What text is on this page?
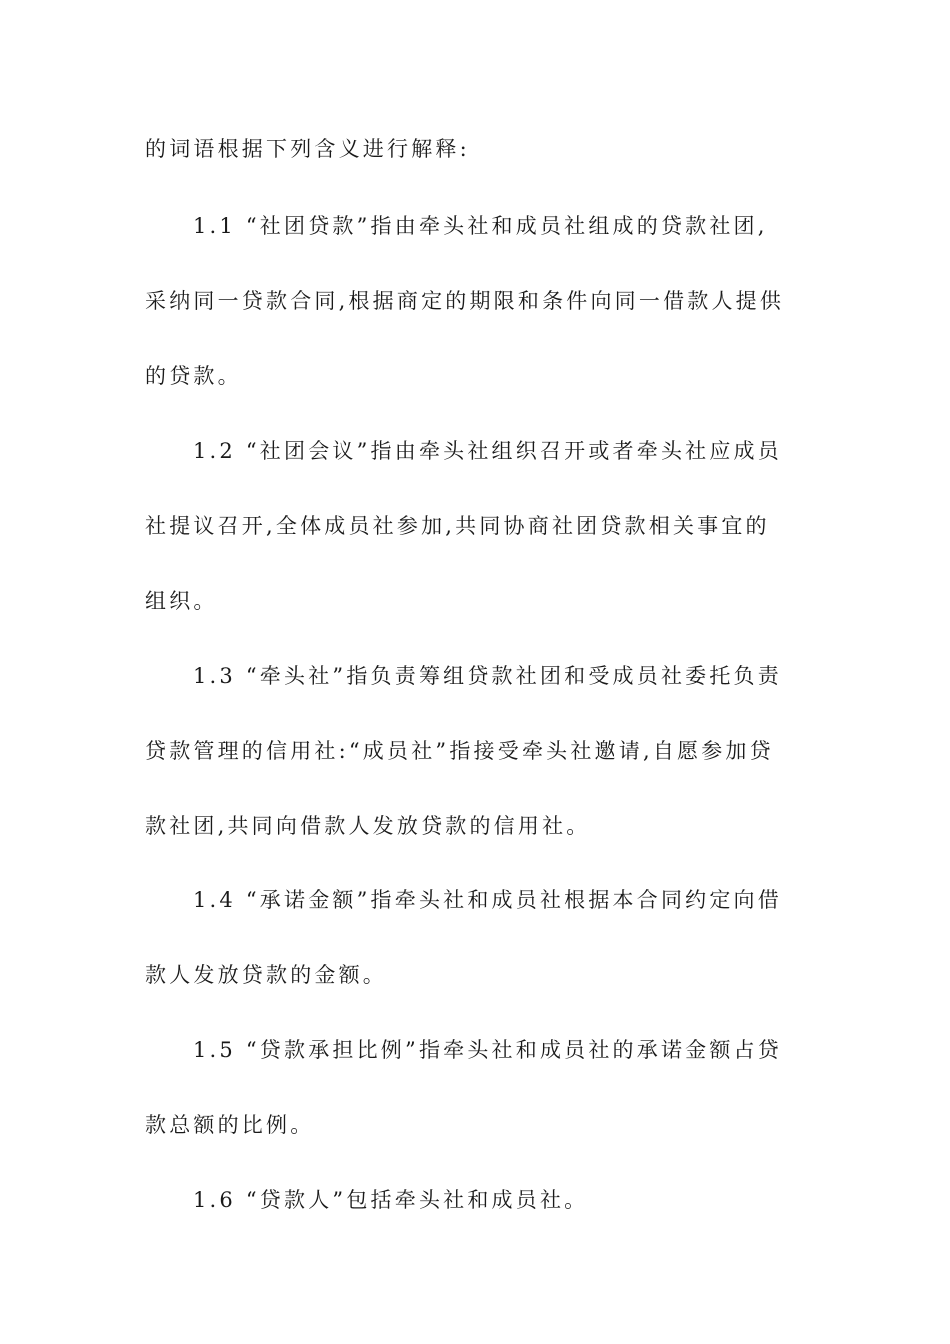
的词语根据下列含义进行解释:

1.1 “社团贷款”指由牵头社和成员社组成的贷款社团,

采纳同一贷款合同,根据商定的期限和条件向同一借款人提供

的贷款。

1.2 “社团会议”指由牵头社组织召开或者牵头社应成员

社提议召开,全体成员社参加,共同协商社团贷款相关事宜的

组织。

1.3 “牵头社”指负责筹组贷款社团和受成员社委托负责

贷款管理的信用社:“成员社”指接受牵头社邀请,自愿参加贷

款社团,共同向借款人发放贷款的信用社。

1.4 “承诺金额”指牵头社和成员社根据本合同约定向借

款人发放贷款的金额。

1.5 “贷款承担比例”指牵头社和成员社的承诺金额占贷

款总额的比例。

1.6 “贷款人”包括牵头社和成员社。
